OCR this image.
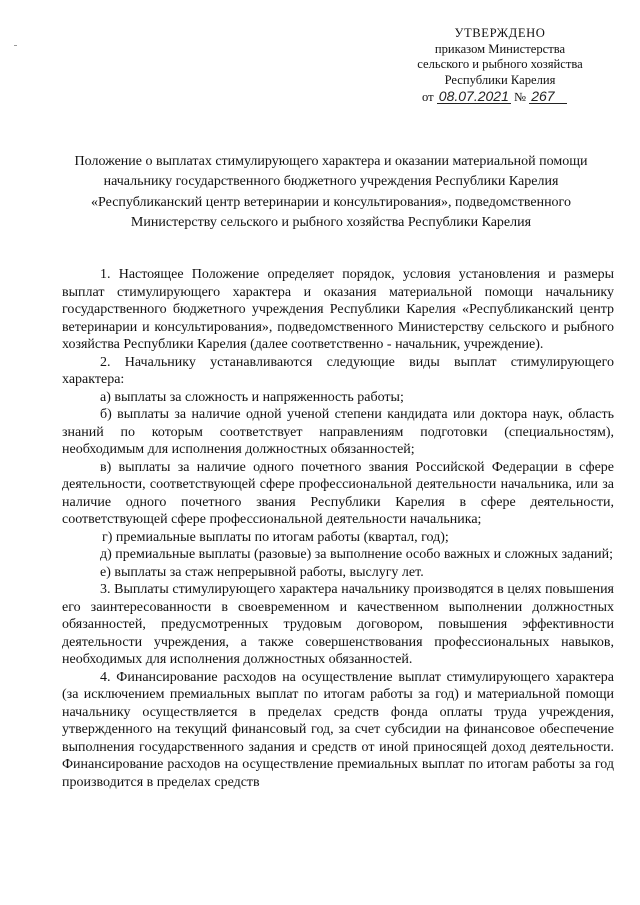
УТВЕРЖДЕНО
приказом Министерства
сельского и рыбного хозяйства
Республики Карелия
от 08.07.2021 № 267
Положение о выплатах стимулирующего характера и оказании материальной помощи начальнику государственного бюджетного учреждения Республики Карелия «Республиканский центр ветеринарии и консультирования», подведомственного Министерству сельского и рыбного хозяйства Республики Карелия

1. Настоящее Положение определяет порядок, условия установления и размеры выплат стимулирующего характера и оказания материальной помощи начальнику государственного бюджетного учреждения Республики Карелия «Республиканский центр ветеринарии и консультирования», подведомственного Министерству сельского и рыбного хозяйства Республики Карелия (далее соответственно - начальник, учреждение).

2. Начальнику устанавливаются следующие виды выплат стимулирующего характера:

а) выплаты за сложность и напряженность работы;

б) выплаты за наличие одной ученой степени кандидата или доктора наук, область знаний по которым соответствует направлениям подготовки (специальностям), необходимым для исполнения должностных обязанностей;

в) выплаты за наличие одного почетного звания Российской Федерации в сфере деятельности, соответствующей сфере профессиональной деятельности начальника, или за наличие одного почетного звания Республики Карелия в сфере деятельности, соответствующей сфере профессиональной деятельности начальника;

г) премиальные выплаты по итогам работы (квартал, год);

д) премиальные выплаты (разовые) за выполнение особо важных и сложных заданий;

е) выплаты за стаж непрерывной работы, выслугу лет.

3. Выплаты стимулирующего характера начальнику производятся в целях повышения его заинтересованности в своевременном и качественном выполнении должностных обязанностей, предусмотренных трудовым договором, повышения эффективности деятельности учреждения, а также совершенствования профессиональных навыков, необходимых для исполнения должностных обязанностей.

4. Финансирование расходов на осуществление выплат стимулирующего характера (за исключением премиальных выплат по итогам работы за год) и материальной помощи начальнику осуществляется в пределах средств фонда оплаты труда учреждения, утвержденного на текущий финансовый год, за счет субсидии на финансовое обеспечение выполнения государственного задания и средств от иной приносящей доход деятельности. Финансирование расходов на осуществление премиальных выплат по итогам работы за год производится в пределах средств
